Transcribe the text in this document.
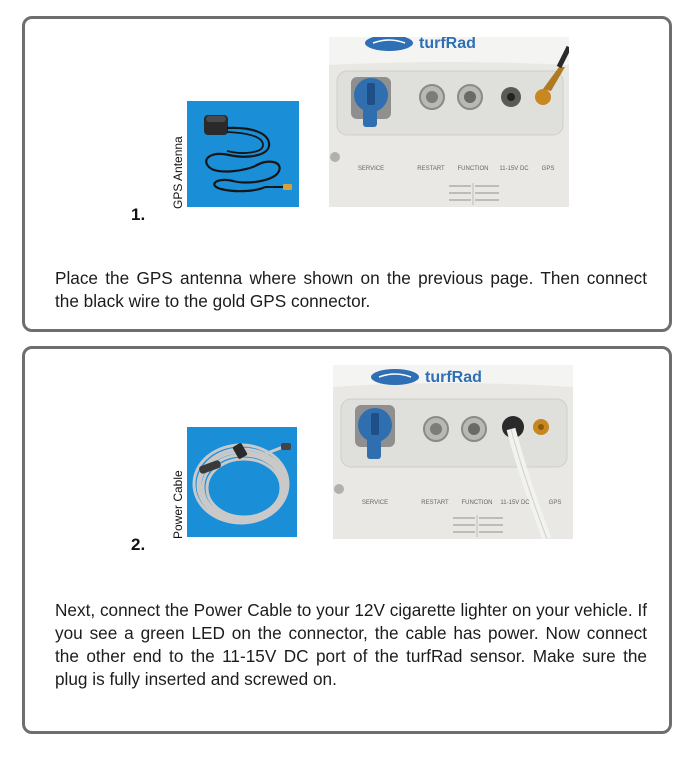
1.
GPS Antenna
turfRad
SERVICE	RESTART FUNCTION 11-15V DC GPS

Place the GPS antenna where shown on the previous page. Then connect the black wire to the gold GPS connector.

2.
Power Cable
turfRad
SERVICE	RESTART FUNCTION 11-15V DC	GPS

Next, connect the Power Cable to your 12V cigarette lighter on your vehicle. If you see a green LED on the connector, the cable has power. Now connect the other end to the 11-15V DC port of the turfRad sensor. Make sure the plug is fully inserted and screwed on.
